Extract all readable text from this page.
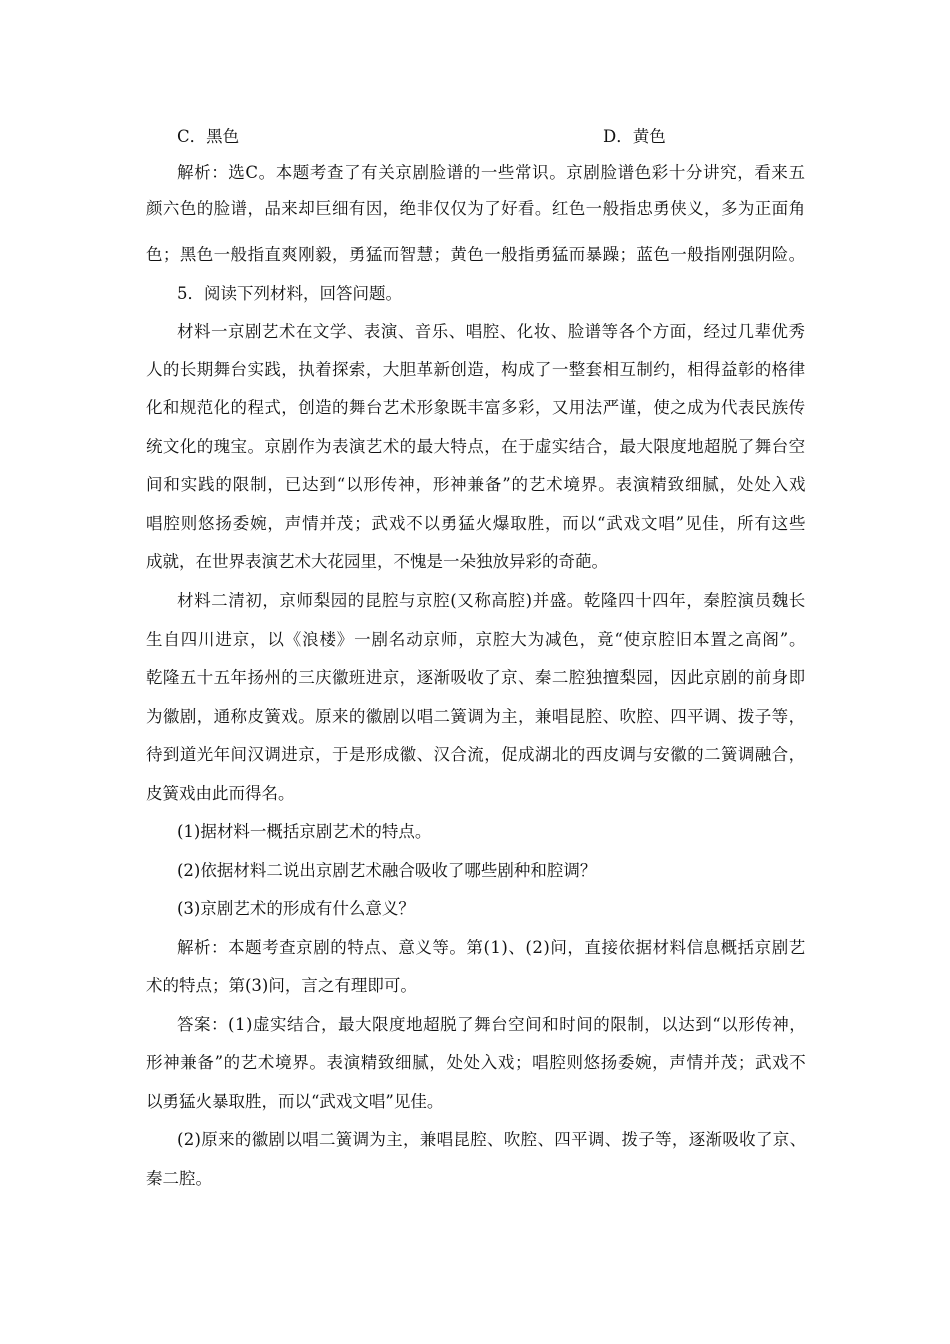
C．黑色	D．黄色
解析：选C。本题考查了有关京剧脸谱的一些常识。京剧脸谱色彩十分讲究，看来五
颜六色的脸谱，品来却巨细有因，绝非仅仅为了好看。红色一般指忠勇侠义，多为正面角
色；黑色一般指直爽刚毅，勇猛而智慧；黄色一般指勇猛而暴躁；蓝色一般指刚强阴险。
5．阅读下列材料，回答问题。
材料一京剧艺术在文学、表演、音乐、唱腔、化妆、脸谱等各个方面，经过几辈优秀
人的长期舞台实践，执着探索，大胆革新创造，构成了一整套相互制约，相得益彰的格律
化和规范化的程式，创造的舞台艺术形象既丰富多彩，又用法严谨，使之成为代表民族传
统文化的瑰宝。京剧作为表演艺术的最大特点，在于虚实结合，最大限度地超脱了舞台空
间和实践的限制，已达到“以形传神，形神兼备”的艺术境界。表演精致细腻，处处入戏
唱腔则悠扬委婉，声情并茂；武戏不以勇猛火爆取胜，而以“武戏文唱”见佳，所有这些
成就，在世界表演艺术大花园里，不愧是一朵独放异彩的奇葩。
材料二清初，京师梨园的昆腔与京腔(又称高腔)并盛。乾隆四十四年，秦腔演员魏长
生自四川进京，以《浪楼》一剧名动京师，京腔大为减色，竟“使京腔旧本置之高阁”。
乾隆五十五年扬州的三庆徽班进京，逐渐吸收了京、秦二腔独擅梨园，因此京剧的前身即
为徽剧，通称皮簧戏。原来的徽剧以唱二簧调为主，兼唱昆腔、吹腔、四平调、拨子等，
待到道光年间汉调进京，于是形成徽、汉合流，促成湖北的西皮调与安徽的二簧调融合，
皮簧戏由此而得名。
(1)据材料一概括京剧艺术的特点。
(2)依据材料二说出京剧艺术融合吸收了哪些剧种和腔调？
(3)京剧艺术的形成有什么意义？
解析：本题考查京剧的特点、意义等。第(1)、(2)问，直接依据材料信息概括京剧艺
术的特点；第(3)问，言之有理即可。
答案：(1)虚实结合，最大限度地超脱了舞台空间和时间的限制，以达到“以形传神，
形神兼备”的艺术境界。表演精致细腻，处处入戏；唱腔则悠扬委婉，声情并茂；武戏不
以勇猛火暴取胜，而以“武戏文唱”见佳。
(2)原来的徽剧以唱二簧调为主，兼唱昆腔、吹腔、四平调、拨子等，逐渐吸收了京、
秦二腔。
